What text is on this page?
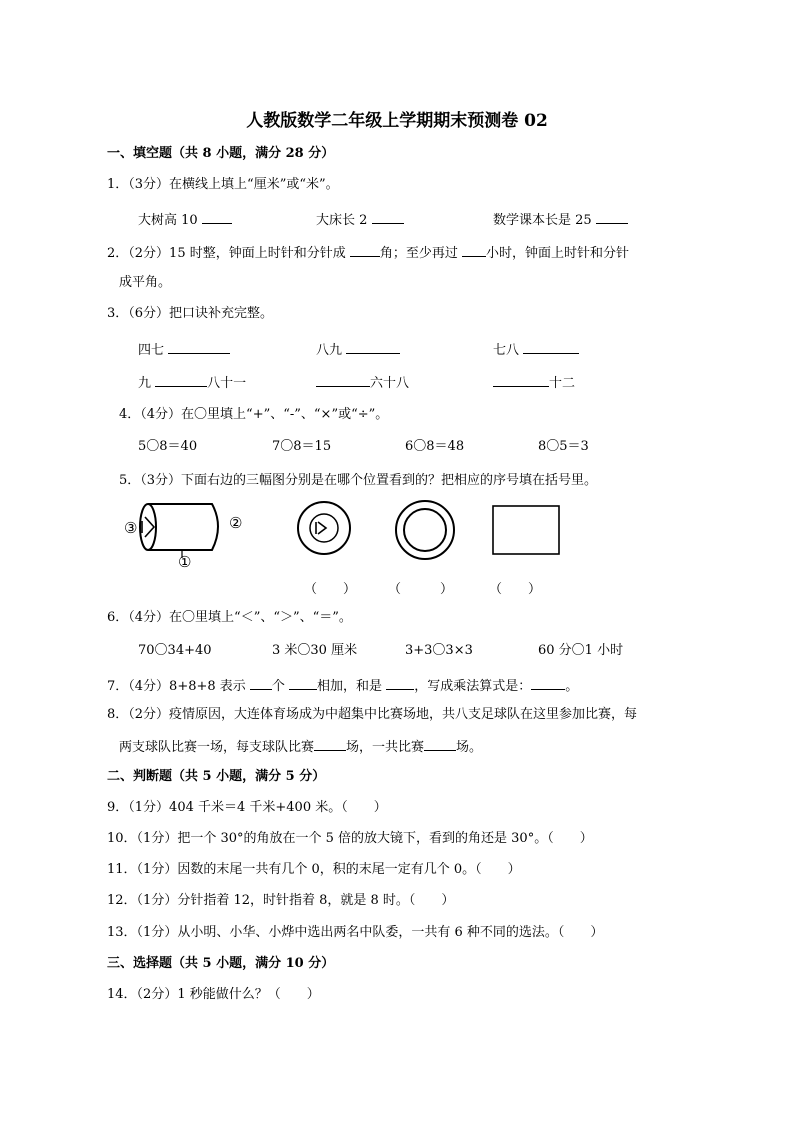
人教版数学二年级上学期期末预测卷 02
一、填空题（共 8 小题，满分 28 分）
1．（3分）在横线上填上“厘米”或“米”。
大树高 10	大床长 2	数学课本长是 25
2．（2分）15 时整，钟面上时针和分针成 角；至少再过 小时，钟面上时针和分针
成平角。
3．（6分）把口诀补充完整。
四七	八九	七八
九	八十一	六十八	十二
4．（4分）在〇里填上“+”、“-”、“×”或“÷”。
5〇8＝40	7〇8＝15	6〇8＝48	8〇5＝3
5．（3分）下面右边的三幅图分别是在哪个位置看到的？把相应的序号填在括号里。
③	②
①
（　　） （　　　）	（　　）
6．（4分）在〇里填上“＜”、“＞”、“＝”。
70〇34+40	3 米〇30 厘米	3+3〇3×3	60 分〇1 小时
7．（4分）8+8+8 表示 个 相加，和是 ，写成乘法算式是：	。
8．（2分）疫情原因，大连体育场成为中超集中比赛场地，共八支足球队在这里参加比赛，每
两支球队比赛一场，每支球队比赛 场，一共比赛 场。
二、判断题（共 5 小题，满分 5 分）
9．（1分）404 千米＝4 千米+400 米。（　　）
10．（1分）把一个 30°的角放在一个 5 倍的放大镜下，看到的角还是 30°。（　　）
11．（1分）因数的末尾一共有几个 0，积的末尾一定有几个 0。（　　）
12．（1分）分针指着 12，时针指着 8，就是 8 时。（　　）
13．（1分）从小明、小华、小烨中选出两名中队委，一共有 6 种不同的选法。（　　）
三、选择题（共 5 小题，满分 10 分）
14．（2分）1 秒能做什么？（　　）
